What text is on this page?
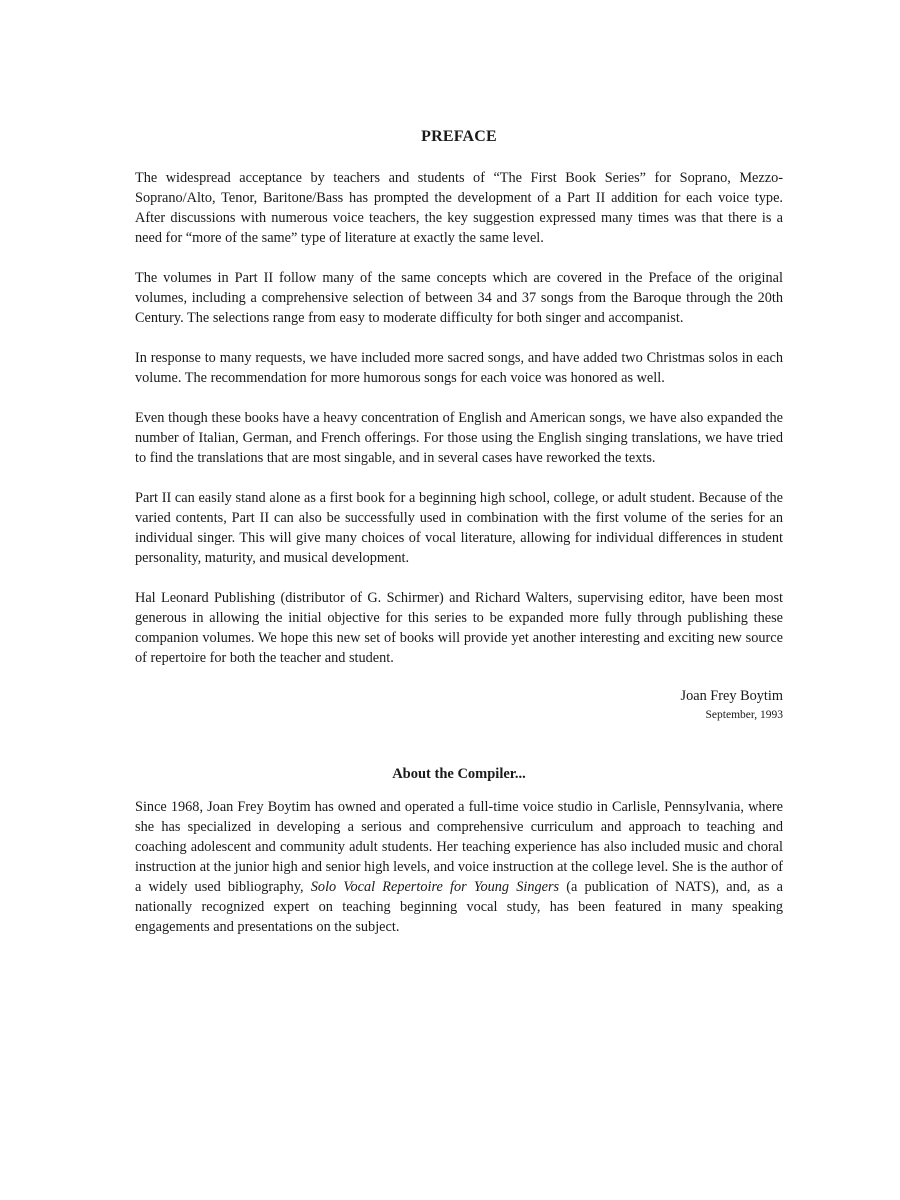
PREFACE

The widespread acceptance by teachers and students of “The First Book Series” for Soprano, Mezzo-Soprano/Alto, Tenor, Baritone/Bass has prompted the development of a Part II addition for each voice type. After discussions with numerous voice teachers, the key suggestion expressed many times was that there is a need for “more of the same” type of literature at exactly the same level.

The volumes in Part II follow many of the same concepts which are covered in the Preface of the original volumes, including a comprehensive selection of between 34 and 37 songs from the Baroque through the 20th Century. The selections range from easy to moderate difficulty for both singer and accompanist.

In response to many requests, we have included more sacred songs, and have added two Christmas solos in each volume. The recommendation for more humorous songs for each voice was honored as well.

Even though these books have a heavy concentration of English and American songs, we have also expanded the number of Italian, German, and French offerings. For those using the English singing translations, we have tried to find the translations that are most singable, and in several cases have reworked the texts.

Part II can easily stand alone as a first book for a beginning high school, college, or adult student. Because of the varied contents, Part II can also be successfully used in combination with the first volume of the series for an individual singer. This will give many choices of vocal literature, allowing for individual differences in student personality, maturity, and musical development.

Hal Leonard Publishing (distributor of G. Schirmer) and Richard Walters, supervising editor, have been most generous in allowing the initial objective for this series to be expanded more fully through publishing these companion volumes. We hope this new set of books will provide yet another interesting and exciting new source of repertoire for both the teacher and student.

Joan Frey Boytim
September, 1993
About the Compiler...

Since 1968, Joan Frey Boytim has owned and operated a full-time voice studio in Carlisle, Pennsylvania, where she has specialized in developing a serious and comprehensive curriculum and approach to teaching and coaching adolescent and community adult students. Her teaching experience has also included music and choral instruction at the junior high and senior high levels, and voice instruction at the college level. She is the author of a widely used bibliography, Solo Vocal Repertoire for Young Singers (a publication of NATS), and, as a nationally recognized expert on teaching beginning vocal study, has been featured in many speaking engagements and presentations on the subject.
